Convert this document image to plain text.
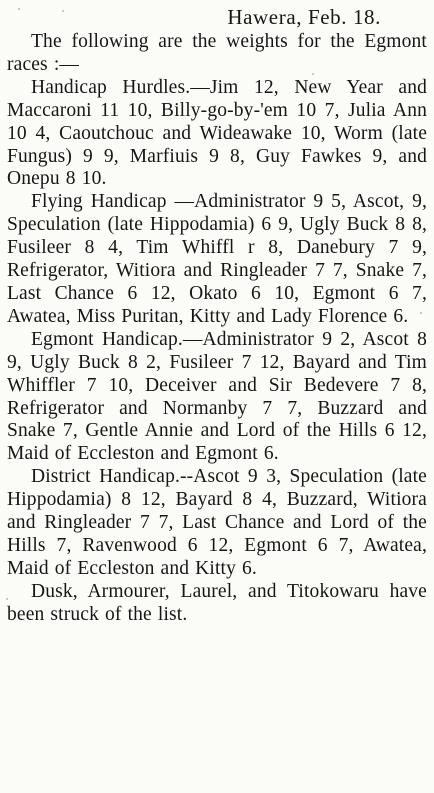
Hawera, Feb. 18.

The following are the weights for the Egmont races :—

Handicap Hurdles.—Jim 12, New Year and Maccaroni 11 10, Billy-go-by-'em 10 7, Julia Ann 10 4, Caoutchouc and Wideawake 10, Worm (late Fungus) 9 9, Marfiuis 9 8, Guy Fawkes 9, and Onepu 8 10.

Flying Handicap —Administrator 9 5, Ascot, 9, Speculation (late Hippodamia) 6 9, Ugly Buck 8 8, Fusileer 8 4, Tim Whiffl r 8, Danebury 7 9, Refrigerator, Witiora and Ringleader 7 7, Snake 7, Last Chance 6 12, Okato 6 10, Egmont 6 7, Awatea, Miss Puritan, Kitty and Lady Florence 6.

Egmont Handicap.—Administrator 9 2, Ascot 8 9, Ugly Buck 8 2, Fusileer 7 12, Bayard and Tim Whiffler 7 10, Deceiver and Sir Bedevere 7 8, Refrigerator and Normanby 7 7, Buzzard and Snake 7, Gentle Annie and Lord of the Hills 6 12, Maid of Eccleston and Egmont 6.

District Handicap.--Ascot 9 3, Speculation (late Hippodamia) 8 12, Bayard 8 4, Buzzard, Witiora and Ringleader 7 7, Last Chance and Lord of the Hills 7, Ravenwood 6 12, Egmont 6 7, Awatea, Maid of Eccleston and Kitty 6.

Dusk, Armourer, Laurel, and Titokowaru have been struck of the list.
